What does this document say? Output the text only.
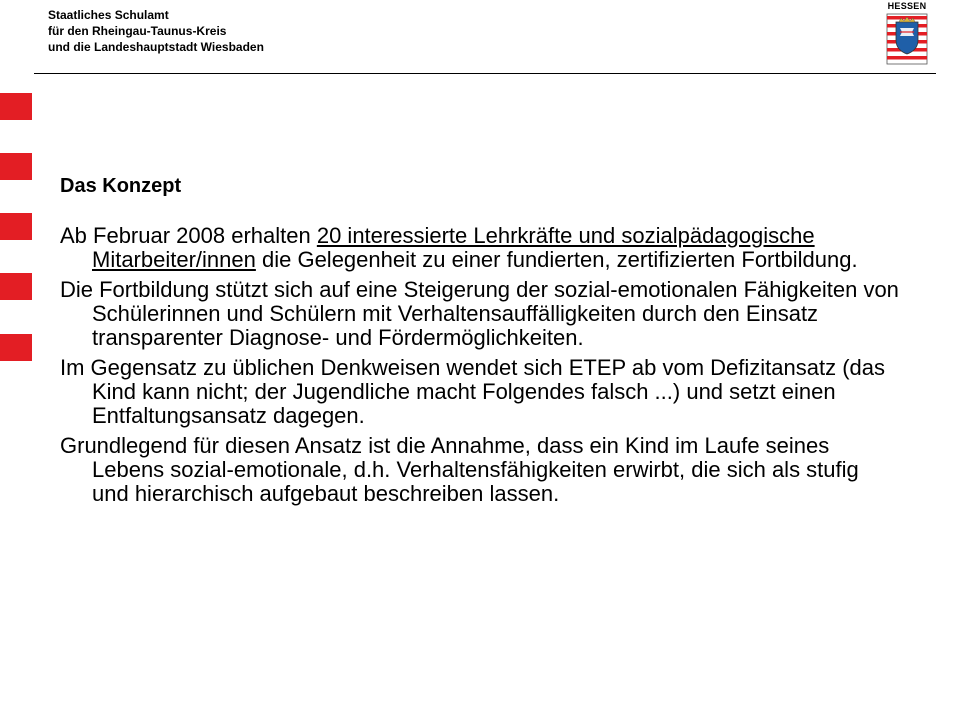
Staatliches Schulamt
für den Rheingau-Taunus-Kreis
und die Landeshauptstadt Wiesbaden
HESSEN
Das Konzept

Ab Februar 2008 erhalten 20 interessierte Lehrkräfte und sozialpädagogische Mitarbeiter/innen die Gelegenheit zu einer fundierten, zertifizierten Fortbildung.

Die Fortbildung stützt sich auf eine Steigerung der sozial-emotionalen Fähigkeiten von Schülerinnen und Schülern mit Verhaltensauffälligkeiten durch den Einsatz transparenter Diagnose- und Fördermöglichkeiten.

Im Gegensatz zu üblichen Denkweisen wendet sich ETEP ab vom Defizitansatz (das Kind kann nicht; der Jugendliche macht Folgendes falsch ...) und setzt einen Entfaltungsansatz dagegen.

Grundlegend für diesen Ansatz ist die Annahme, dass ein Kind im Laufe seines Lebens sozial-emotionale, d.h. Verhaltensfähigkeiten erwirbt, die sich als stufig und hierarchisch aufgebaut beschreiben lassen.
